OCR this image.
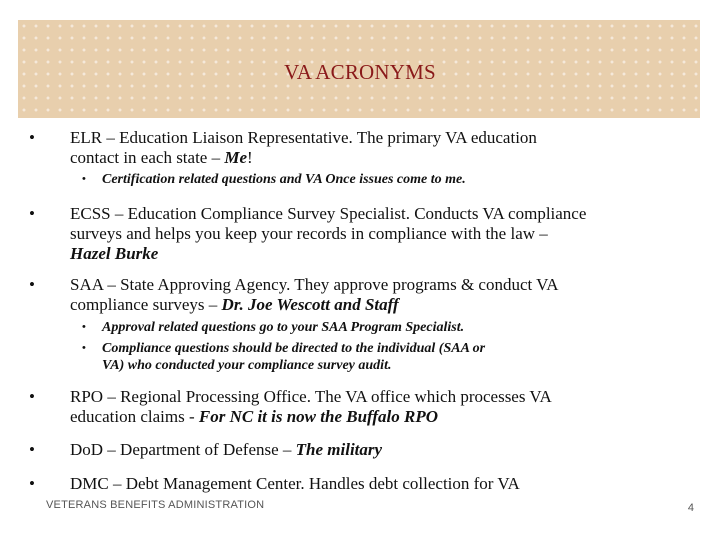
VA ACRONYMS
•	ELR – Education Liaison Representative. The primary VA education
contact in each state – Me!
• Certification related questions and VA Once issues come to me.
•	ECSS – Education Compliance Survey Specialist. Conducts VA compliance
surveys and helps you keep your records in compliance with the law –
Hazel Burke
•	SAA – State Approving Agency. They approve programs & conduct VA
compliance surveys – Dr. Joe Wescott and Staff
• Approval related questions go to your SAA Program Specialist.
• Compliance questions should be directed to the individual (SAA or
VA) who conducted your compliance survey audit.
•	RPO – Regional Processing Office. The VA office which processes VA
education claims - For NC it is now the Buffalo RPO
•	DoD – Department of Defense – The military
•	DMC – Debt Management Center. Handles debt collection for VA
VETERANS BENEFITS ADMINISTRATION	4
